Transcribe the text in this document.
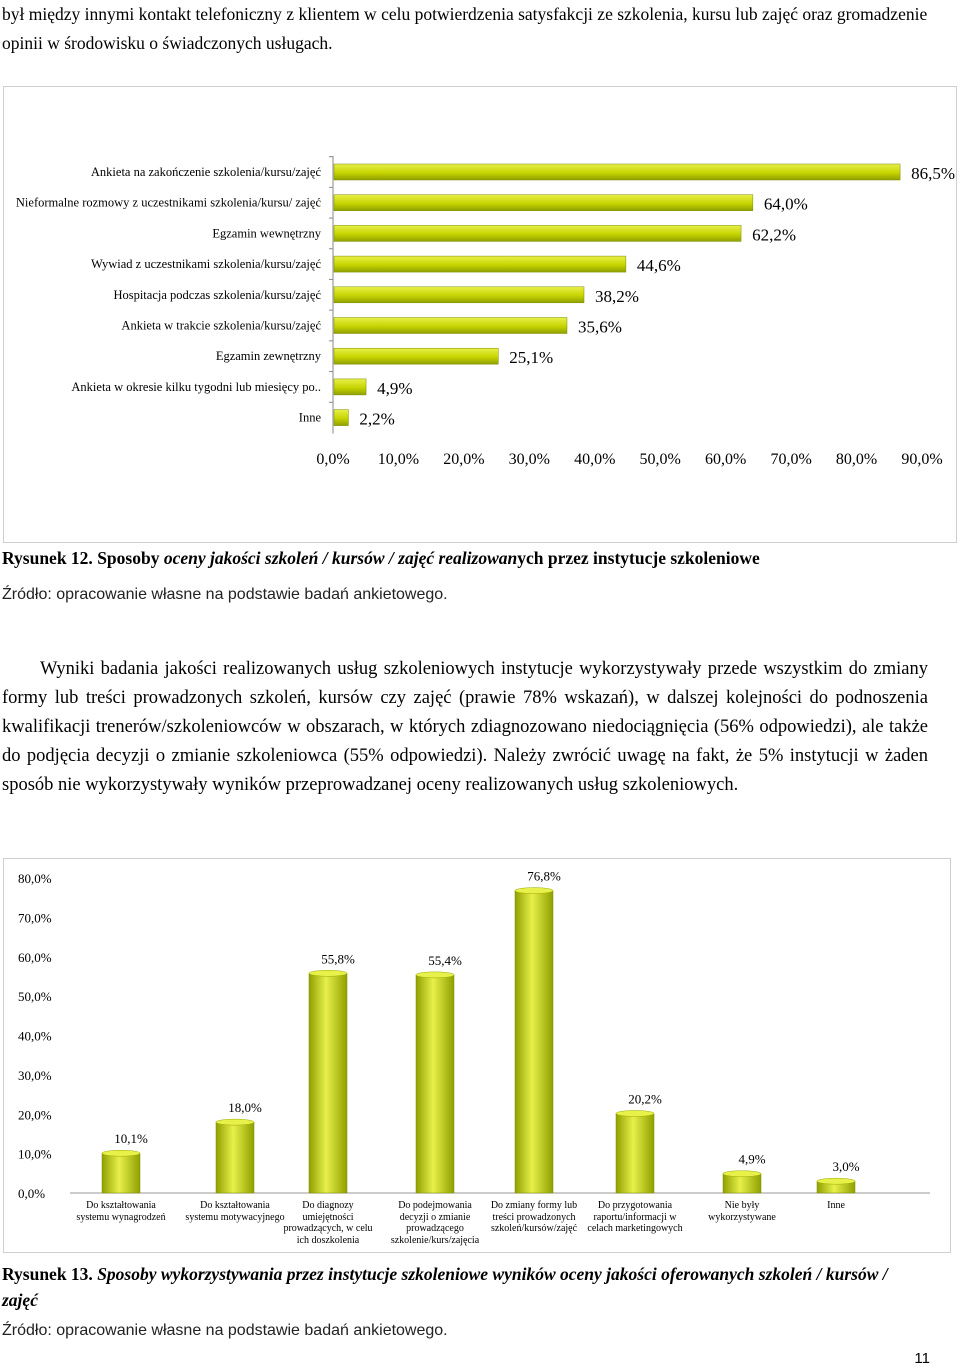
był między innymi kontakt telefoniczny z klientem w celu potwierdzenia satysfakcji ze szkolenia, kursu lub zajęć oraz gromadzenie opinii w środowisku o świadczonych usługach.

Ankieta na zakończenie szkolenia/kursu/zajęć	86,5%
Nieformalne rozmowy z uczestnikami szkolenia/kursu/ zajęć	64,0%
Egzamin wewnętrzny	62,2%
Wywiad z uczestnikami szkolenia/kursu/zajęć	44,6%
Hospitacja podczas szkolenia/kursu/zajęć	38,2%
Ankieta w trakcie szkolenia/kursu/zajęć	35,6%
Egzamin zewnętrzny	25,1%
Ankieta w okresie kilku tygodni lub miesięcy po..	4,9%
Inne 2,2%
0,0% 10,0% 20,0% 30,0% 40,0% 50,0% 60,0% 70,0% 80,0% 90,0%
Rysunek 12. Sposoby oceny jakości szkoleń / kursów / zajęć realizowanych przez instytucje szkoleniowe
Źródło: opracowanie własne na podstawie badań ankietowego.

Wyniki badania jakości realizowanych usług szkoleniowych instytucje wykorzystywały przede wszystkim do zmiany formy lub treści prowadzonych szkoleń, kursów czy zajęć (prawie 78% wskazań), w dalszej kolejności do podnoszenia kwalifikacji trenerów/szkoleniowców w obszarach, w których zdiagnozowano niedociągnięcia (56% odpowiedzi), ale także do podjęcia decyzji o zmianie szkoleniowca (55% odpowiedzi). Należy zwrócić uwagę na fakt, że 5% instytucji w żaden sposób nie wykorzystywały wyników przeprowadzanej oceny realizowanych usług szkoleniowych.

0,0%
10,0%
20,0%
30,0%
40,0%
50,0%
60,0%
70,0%
80,0%
10,1%
18,0%
55,8%	55,4%
76,8%
20,2%
4,9%	3,0%
Do kształtowania systemu wynagrodzeń
Do kształtowania systemu motywacyjnego
Do diagnozy umiejętności prowadzących, w celu ich doszkolenia
Do podejmowania decyzji o zmianie prowadzącego szkolenie/kurs/zajęcia
Do zmiany formy lub treści prowadzonych szkoleń/kursów/zajęć
Do przygotowania raportu/informacji w celach marketingowych
Nie były wykorzystywane
Inne
Rysunek 13. Sposoby wykorzystywania przez instytucje szkoleniowe wyników oceny jakości oferowanych szkoleń / kursów / zajęć
Źródło: opracowanie własne na podstawie badań ankietowego.
11
